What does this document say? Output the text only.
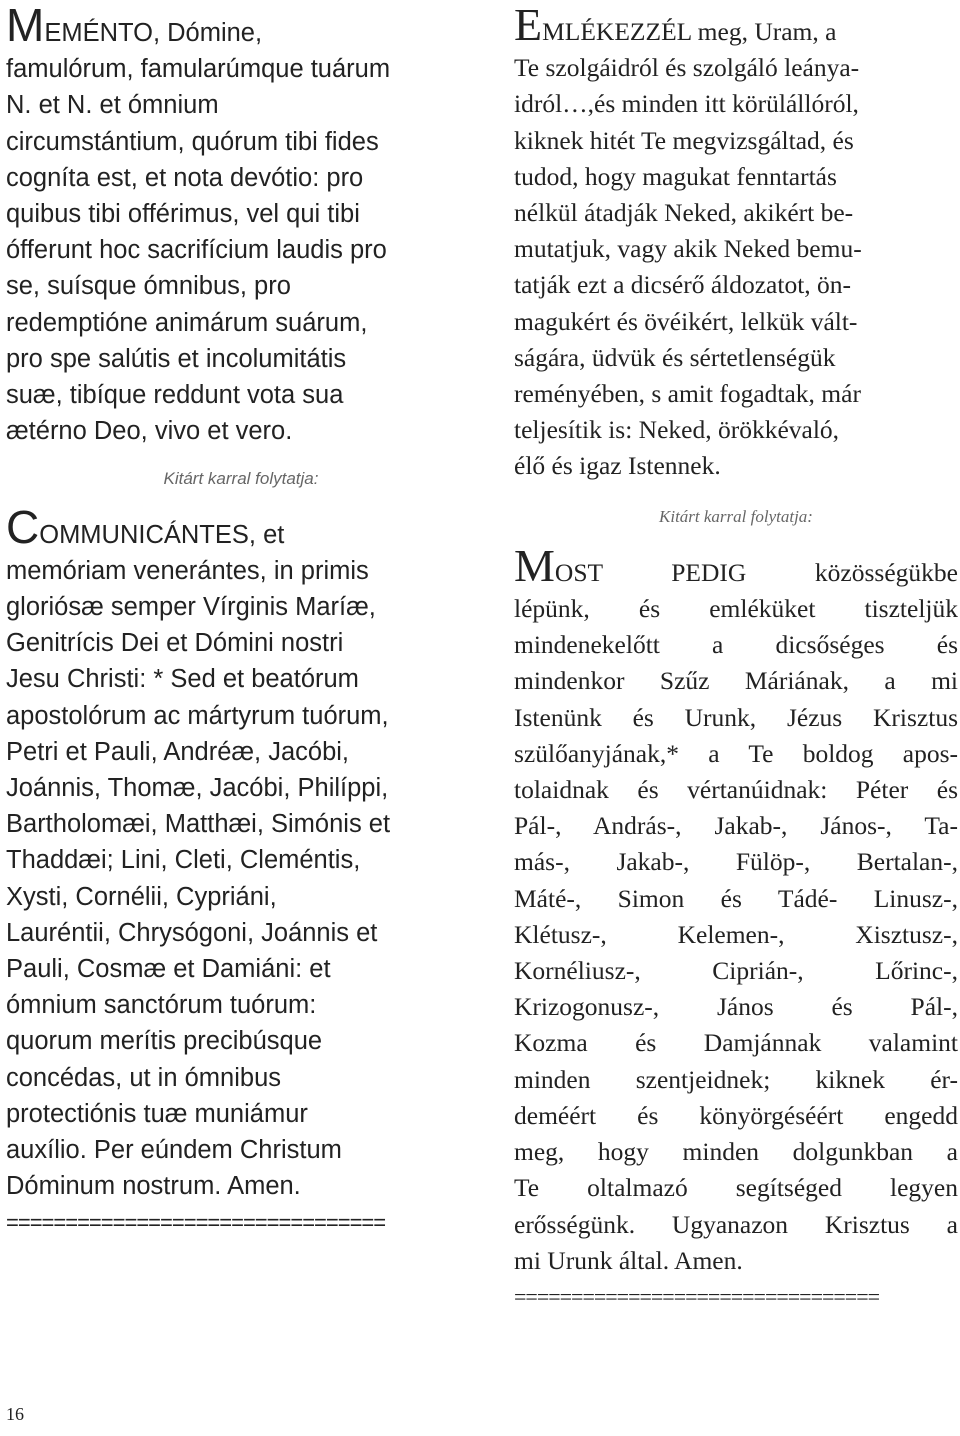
MEMÉNTO, Dómine,
famulórum, famularúmque tuárum
N. et N. et ómnium
circumstántium, quórum tibi fides
cogníta est, et nota devótio: pro
quibus tibi offérimus, vel qui tibi
ófferunt hoc sacrifícium laudis pro
se, suísque ómnibus, pro
redemptióne animárum suárum,
pro spe salútis et incolumitátis
suæ, tibíque reddunt vota sua
ætérno Deo, vivo et vero.
Kitárt karral folytatja:
COMMUNICÁNTES, et
memóriam venerántes, in primis
gloriósæ semper Vírginis Maríæ,
Genitrícis Dei et Dómini nostri
Jesu Christi: * Sed et beatórum
apostolórum ac mártyrum tuórum,
Petri et Pauli, Andréæ, Jacóbi,
Joánnis, Thomæ, Jacóbi, Philíppi,
Bartholomæi, Matthæi, Simónis et
Thaddæi; Lini, Cleti, Cleméntis,
Xysti, Cornélii, Cypriáni,
Lauréntii, Chrysógoni, Joánnis et
Pauli, Cosmæ et Damiáni: et
ómnium sanctórum tuórum:
quorum merítis precibúsque
concédas, ut in ómnibus
protectiónis tuæ muniámur
auxílio. Per eúndem Christum
Dóminum nostrum. Amen.
================================
EMLÉKEZZÉL meg, Uram, a
Te szolgáidról és szolgáló leánya-
idról…,és minden itt körülállóról,
kiknek hitét Te megvizsgáltad, és
tudod, hogy magukat fenntartás
nélkül átadják Neked, akikért be-
mutatjuk, vagy akik Neked bemu-
tatják ezt a dicsérő áldozatot, ön-
magukért és övéikért, lelkük vált-
ságára, üdvük és sértetlenségük
reményében, s amit fogadtak, már
teljesítik is: Neked, örökkévaló,
élő és igaz Istennek.
Kitárt karral folytatja:
MOST PEDIG közösségükbe
lépünk, és emléküket tiszteljük
mindenekelőtt a dicsőséges és
mindenkor Szűz Máriának, a mi
Istenünk és Urunk, Jézus Krisztus
szülőanyjának,* a Te boldog apos-
tolaidnak és vértanúidnak: Péter és
Pál-, András-, Jakab-, János-, Ta-
más-, Jakab-, Fülöp-, Bertalan-,
Máté-, Simon és Tádé- Linusz-,
Klétusz-, Kelemen-, Xisztusz-,
Kornéliusz-, Ciprián-, Lőrinc-,
Krizogonusz-, János és Pál-,
Kozma és Damjánnak valamint
minden szentjeidnek; kiknek ér-
deméért és könyörgéséért engedd
meg, hogy minden dolgunkban a
Te oltalmazó segítséged legyen
erősségünk. Ugyanazon Krisztus a
mi Urunk által. Amen.
================================
16
